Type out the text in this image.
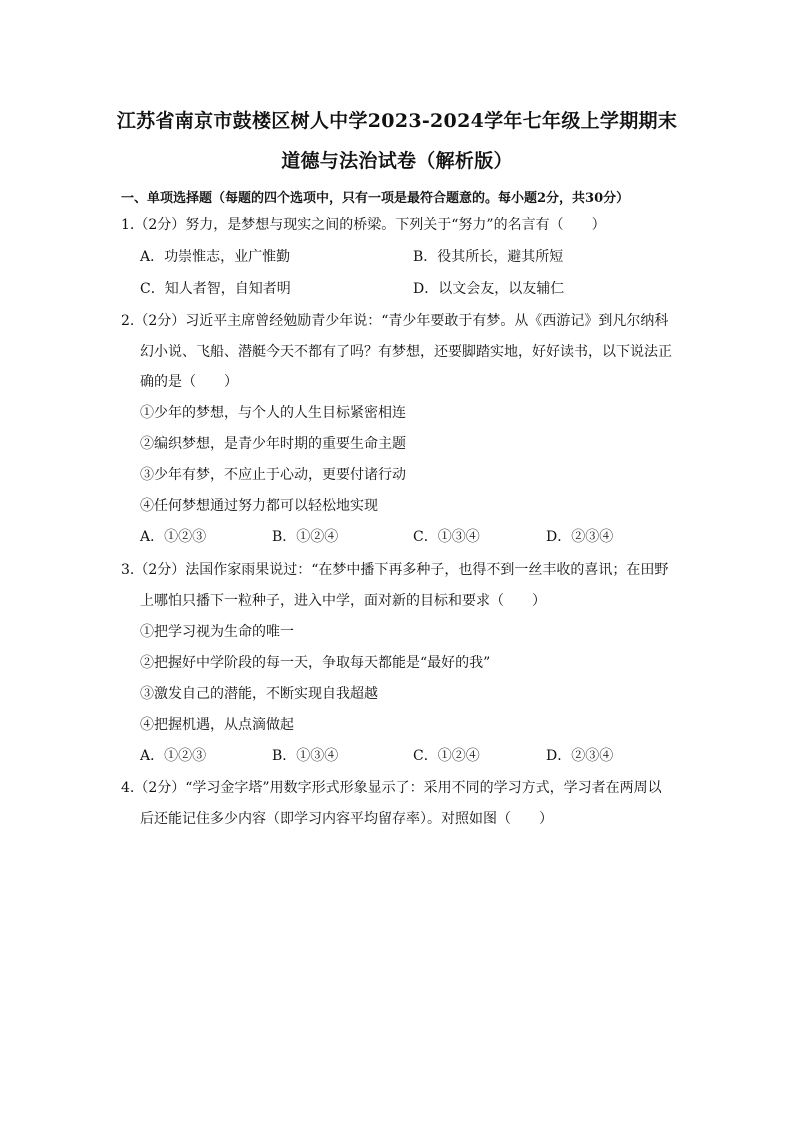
江苏省南京市鼓楼区树人中学2023-2024学年七年级上学期期末
道德与法治试卷（解析版）
一、单项选择题（每题的四个选项中，只有一项是最符合题意的。每小题2分，共30分）
1.（2分）努力，是梦想与现实之间的桥梁。下列关于“努力”的名言有（　　）
A．功崇惟志，业广惟勤	B．役其所长，避其所短
C．知人者智，自知者明	D．以文会友，以友辅仁
2.（2分）习近平主席曾经勉励青少年说：“青少年要敢于有梦。从《西游记》到凡尔纳科
幻小说、飞船、潜艇今天不都有了吗？有梦想，还要脚踏实地，好好读书，以下说法正
确的是（　　）
①少年的梦想，与个人的人生目标紧密相连
②编织梦想，是青少年时期的重要生命主题
③少年有梦，不应止于心动，更要付诸行动
④任何梦想通过努力都可以轻松地实现
A．①②③	B．①②④	C．①③④	D．②③④
3.（2分）法国作家雨果说过：“在梦中播下再多种子，也得不到一丝丰收的喜讯；在田野
上哪怕只播下一粒种子，进入中学，面对新的目标和要求（　　）
①把学习视为生命的唯一
②把握好中学阶段的每一天，争取每天都能是“最好的我”
③激发自己的潜能，不断实现自我超越
④把握机遇，从点滴做起
A．①②③	B．①③④	C．①②④	D．②③④
4.（2分）“学习金字塔”用数字形式形象显示了：采用不同的学习方式，学习者在两周以
后还能记住多少内容（即学习内容平均留存率）。对照如图（　　）
